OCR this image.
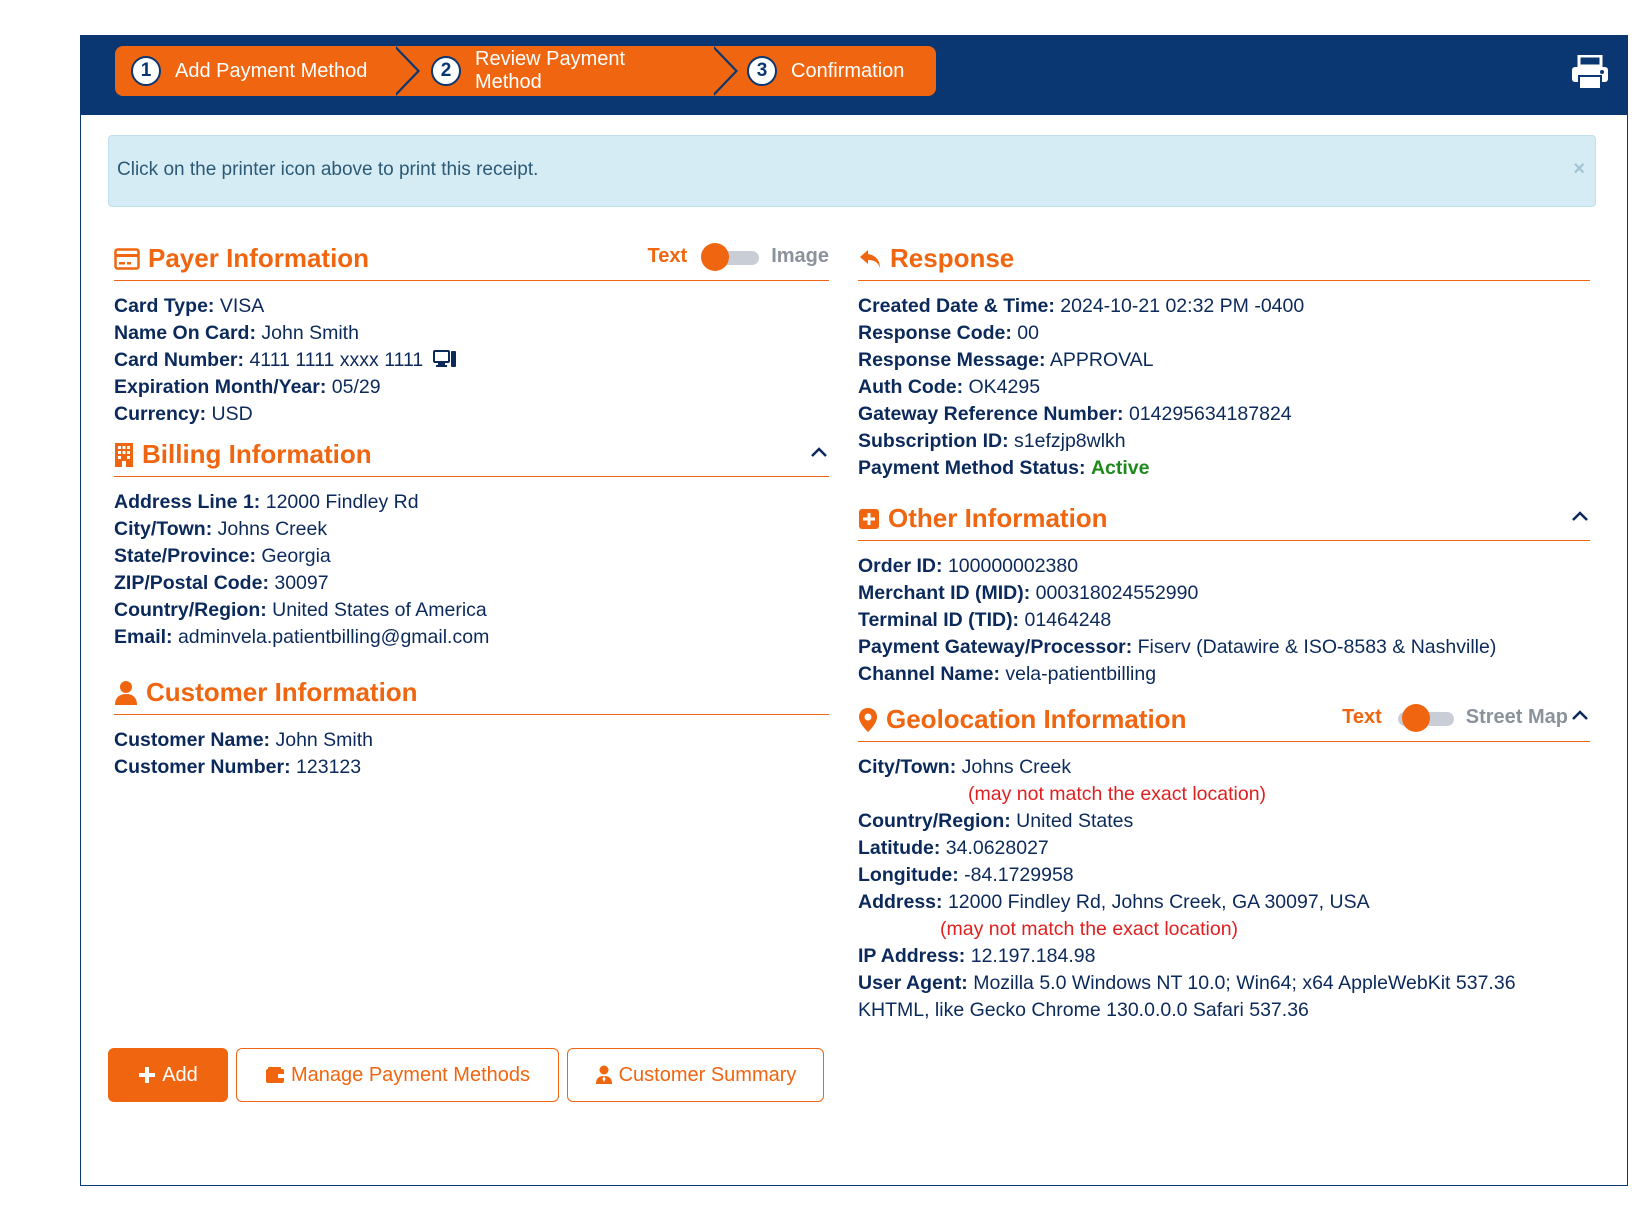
1	Add Payment Method	2
Review Payment Method
3	Confirmation
Click on the printer icon above to print this receipt.	×
Payer Information	Text	Image
Card Type: VISA
Name On Card: John Smith
Card Number: 4111 1111 xxxx 1111
Expiration Month/Year: 05/29
Currency: USD
Billing Information
Address Line 1: 12000 Findley Rd
City/Town: Johns Creek
State/Province: Georgia
ZIP/Postal Code: 30097
Country/Region: United States of America
Email: adminvela.patientbilling@gmail.com
Customer Information
Customer Name: John Smith
Customer Number: 123123
Response
Created Date & Time: 2024-10-21 02:32 PM -0400
Response Code: 00
Response Message: APPROVAL
Auth Code: OK4295
Gateway Reference Number: 014295634187824
Subscription ID: s1efzjp8wlkh
Payment Method Status: Active
Other Information
Order ID: 100000002380
Merchant ID (MID): 000318024552990
Terminal ID (TID): 01464248
Payment Gateway/Processor: Fiserv (Datawire & ISO-8583 & Nashville)
Channel Name: vela-patientbilling
Geolocation Information	Text	Street Map
City/Town: Johns Creek
(may not match the exact location)
Country/Region: United States
Latitude: 34.0628027
Longitude: -84.1729958
Address: 12000 Findley Rd, Johns Creek, GA 30097, USA
(may not match the exact location)
IP Address: 12.197.184.98
User Agent: Mozilla 5.0 Windows NT 10.0; Win64; x64 AppleWebKit 537.36 KHTML, like Gecko Chrome 130.0.0.0 Safari 537.36
Add	Manage Payment Methods	Customer Summary
